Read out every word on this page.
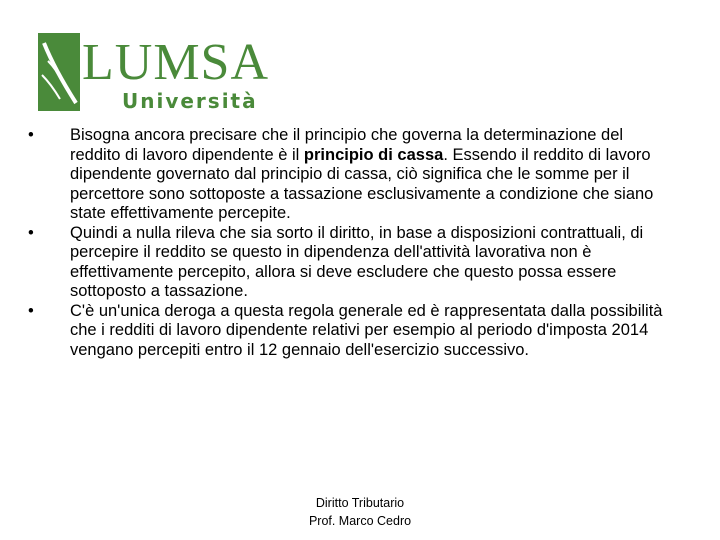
LUMSA
Università
•	Bisogna ancora precisare che il principio che governa la determinazione del reddito di lavoro dipendente è il principio di cassa. Essendo il reddito di lavoro dipendente governato dal principio di cassa, ciò significa che le somme per il percettore sono sottoposte a tassazione esclusivamente a condizione che siano state effettivamente percepite.
•	Quindi a nulla rileva che sia sorto il diritto, in base a disposizioni contrattuali, di percepire il reddito se questo in dipendenza dell'attività lavorativa non è effettivamente percepito, allora si deve escludere che questo possa essere sottoposto a tassazione.
•	C'è un'unica deroga a questa regola generale ed è rappresentata dalla possibilità che i redditi di lavoro dipendente relativi per esempio al periodo d'imposta 2014 vengano percepiti entro il 12 gennaio dell'esercizio successivo.
Diritto Tributario
Prof. Marco Cedro
